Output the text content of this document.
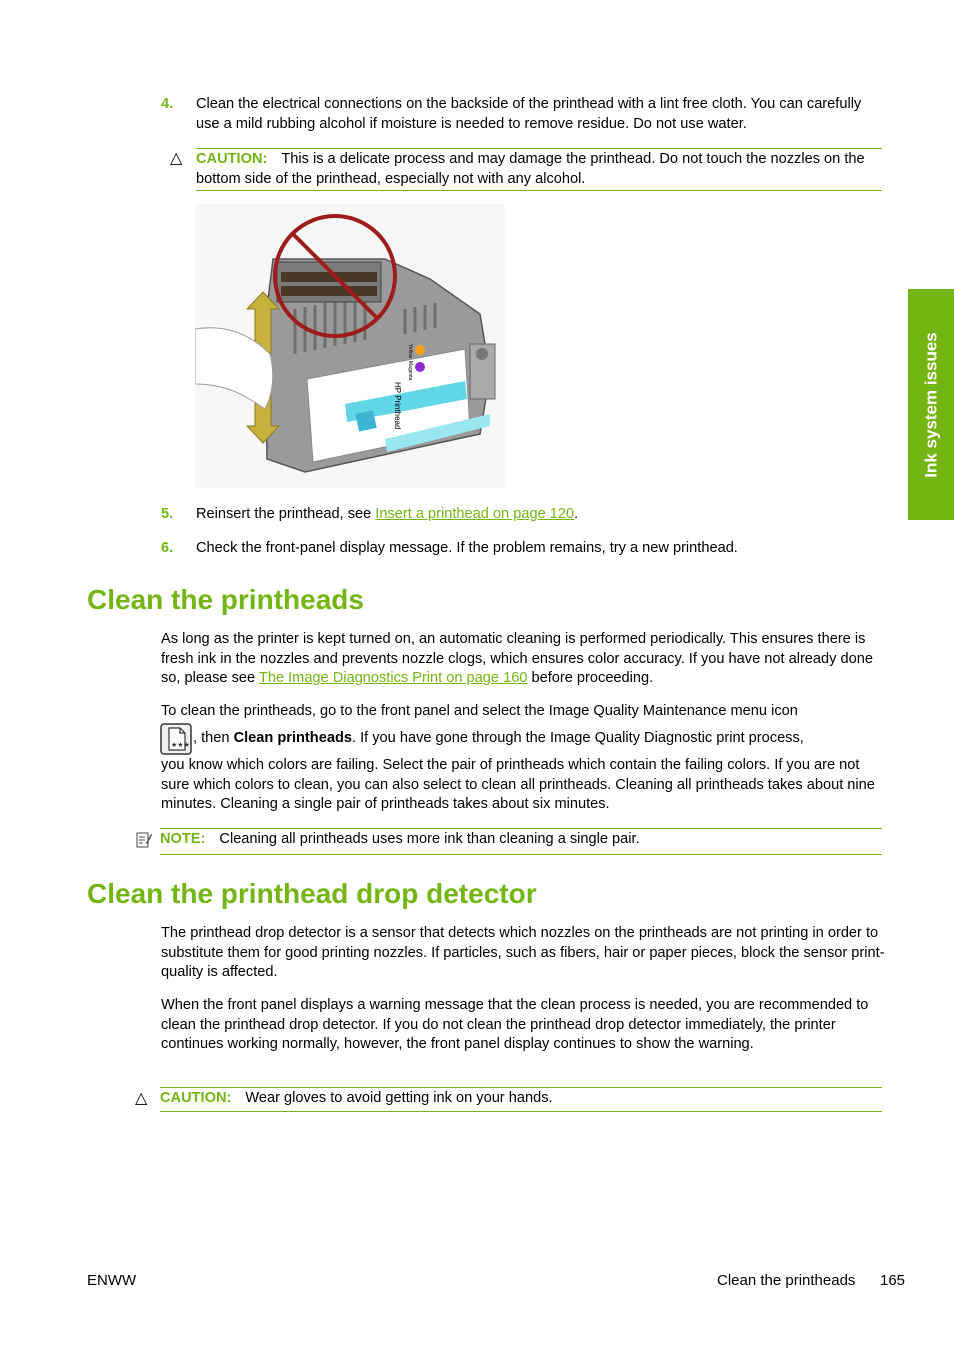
4. Clean the electrical connections on the backside of the printhead with a lint free cloth. You can carefully use a mild rubbing alcohol if moisture is needed to remove residue. Do not use water.
△ CAUTION: This is a delicate process and may damage the printhead. Do not touch the nozzles on the bottom side of the printhead, especially not with any alcohol.
HP Printhead
Yellow
Magenta
5. Reinsert the printhead, see Insert a printhead on page 120.
6. Check the front-panel display message. If the problem remains, try a new printhead.
Clean the printheads
As long as the printer is kept turned on, an automatic cleaning is performed periodically. This ensures there is fresh ink in the nozzles and prevents nozzle clogs, which ensures color accuracy. If you have not already done so, please see The Image Diagnostics Print on page 160 before proceeding.
To clean the printheads, go to the front panel and select the Image Quality Maintenance menu icon
★★★ , then Clean printheads. If you have gone through the Image Quality Diagnostic print process,
you know which colors are failing. Select the pair of printheads which contain the failing colors. If you are not sure which colors to clean, you can also select to clean all printheads. Cleaning all printheads takes about nine minutes. Cleaning a single pair of printheads takes about six minutes.
NOTE: Cleaning all printheads uses more ink than cleaning a single pair.
Clean the printhead drop detector
The printhead drop detector is a sensor that detects which nozzles on the printheads are not printing in order to substitute them for good printing nozzles. If particles, such as fibers, hair or paper pieces, block the sensor print-quality is affected.
When the front panel displays a warning message that the clean process is needed, you are recommended to clean the printhead drop detector. If you do not clean the printhead drop detector immediately, the printer continues working normally, however, the front panel display continues to show the warning.
△ CAUTION: Wear gloves to avoid getting ink on your hands.
Ink system issues
ENWW	Clean the printheads 165
